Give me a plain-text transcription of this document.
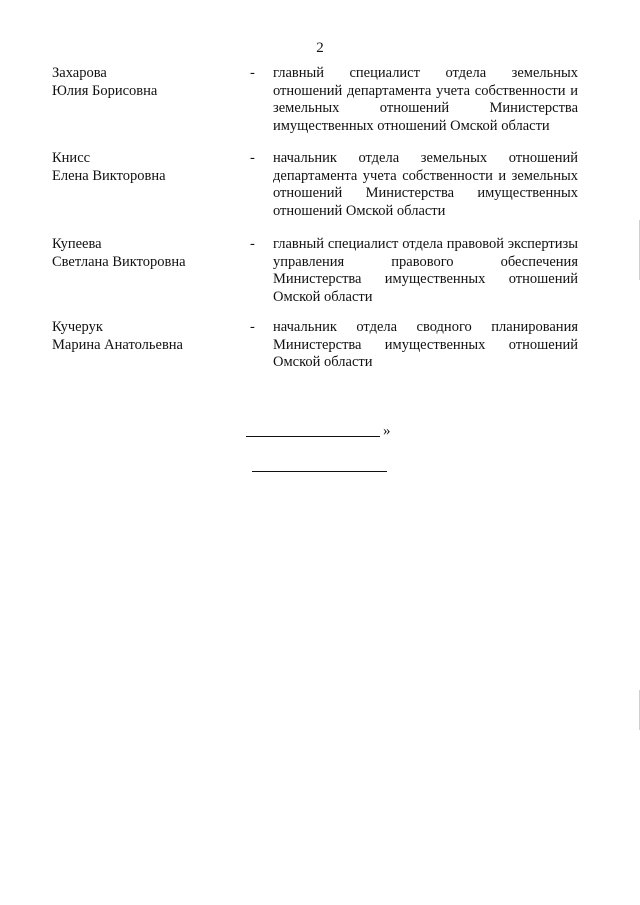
2
Захарова
Юлия Борисовна
- главный специалист отдела земельных отношений департамента учета собственности и земельных отношений Министерства имущественных отношений Омской области
Книсс
Елена Викторовна
- начальник отдела земельных отношений департамента учета собственности и земельных отношений Министерства имущественных отношений Омской области
Купеева
Светлана Викторовна
- главный специалист отдела правовой экспертизы управления правового обеспечения Министерства имущественных отношений Омской области
Кучерук
Марина Анатольевна
- начальник отдела сводного планирования Министерства имущественных отношений Омской области
»
